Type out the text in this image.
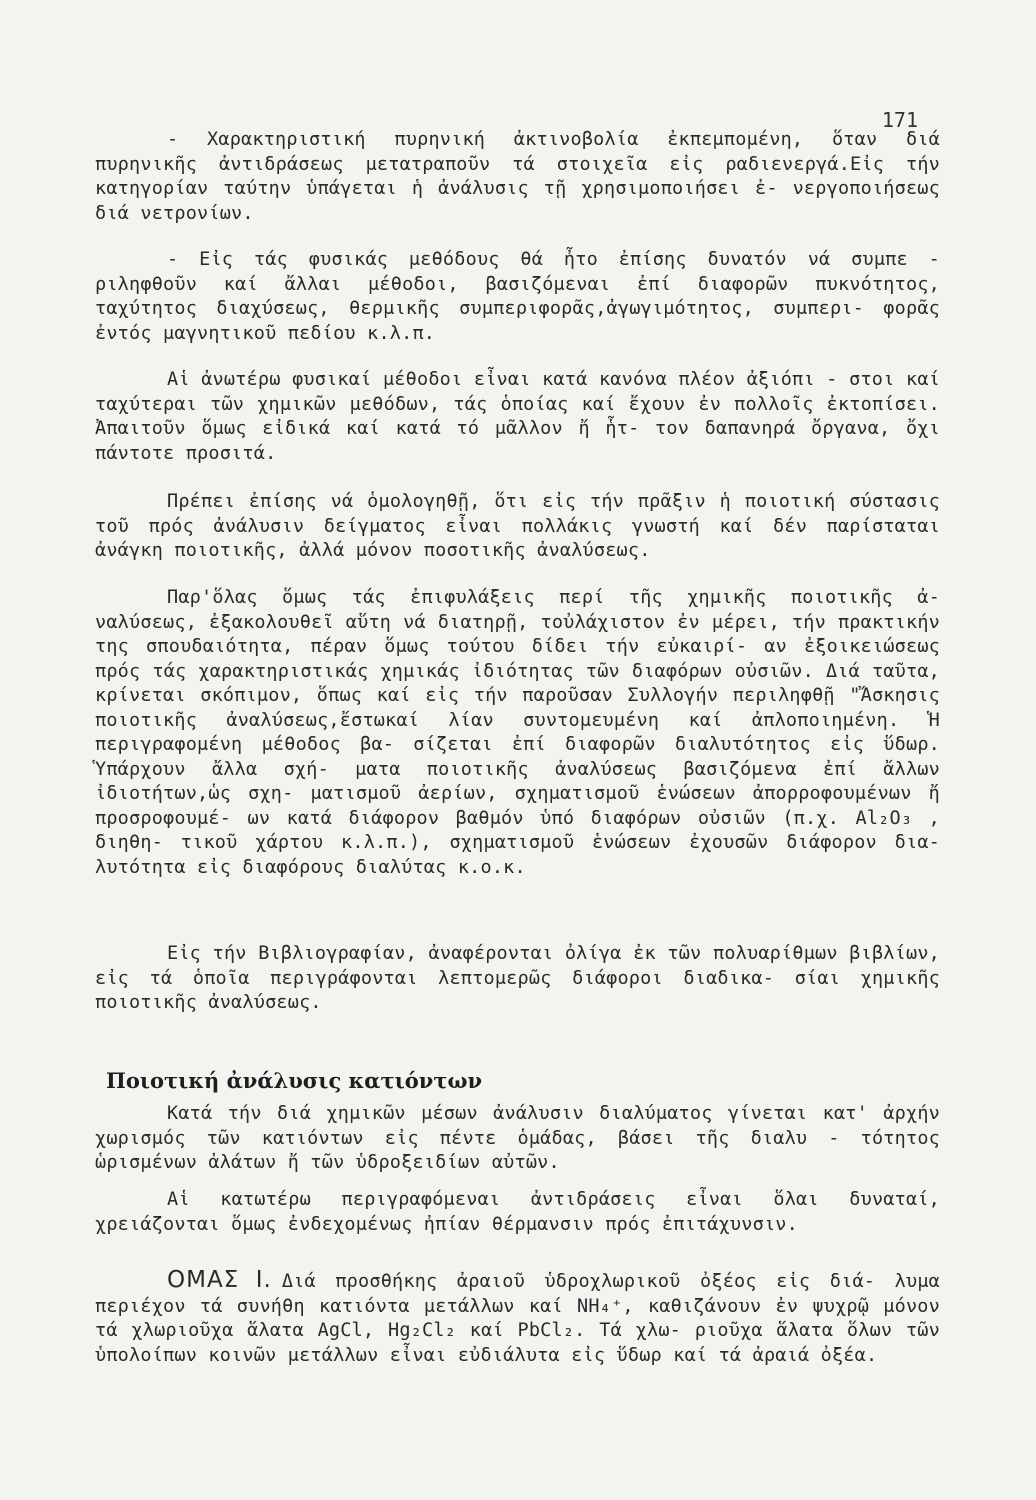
171

- Χαρακτηριστική πυρηνική ἀκτινοβολία ἐκπεμπομένη, ὅταν διά πυρηνικῆς ἀντιδράσεως μετατραποῦν τά στοιχεῖα εἰς ραδιενεργά.Εἰς τήν κατηγορίαν ταύτην ὑπάγεται ἡ ἀνάλυσις τῇ χρησιμοποιήσει ἐ- νεργοποιήσεως διά νετρονίων.

- Εἰς τάς φυσικάς μεθόδους θά ἦτο ἐπίσης δυνατόν νά συμπε - ριληφθοῦν καί ἄλλαι μέθοδοι, βασιζόμεναι ἐπί διαφορῶν πυκνότητος, ταχύτητος διαχύσεως, θερμικῆς συμπεριφορᾶς,ἀγωγιμότητος, συμπερι- φορᾶς ἐντός μαγνητικοῦ πεδίου κ.λ.π.

Αἱ ἀνωτέρω φυσικαί μέθοδοι εἶναι κατά κανόνα πλέον ἀξιόπι - στοι καί ταχύτεραι τῶν χημικῶν μεθόδων, τάς ὁποίας καί ἔχουν ἐν πολλοῖς ἐκτοπίσει. Ἀπαιτοῦν ὅμως εἰδικά καί κατά τό μᾶλλον ἤ ἧτ- τον δαπανηρά ὄργανα, ὄχι πάντοτε προσιτά.

Πρέπει ἐπίσης νά ὁμολογηθῇ, ὅτι εἰς τήν πρᾶξιν ἡ ποιοτική σύστασις τοῦ πρός ἀνάλυσιν δείγματος εἶναι πολλάκις γνωστή καί δέν παρίσταται ἀνάγκη ποιοτικῆς, ἀλλά μόνον ποσοτικῆς ἀναλύσεως.

Παρ'ὅλας ὅμως τάς ἐπιφυλάξεις περί τῆς χημικῆς ποιοτικῆς ἀ- ναλύσεως, ἐξακολουθεῖ αὕτη νά διατηρῇ, τοὐλάχιστον ἐν μέρει, τήν πρακτικήν της σπουδαιότητα, πέραν ὅμως τούτου δίδει τήν εὐκαιρί- αν ἐξοικειώσεως πρός τάς χαρακτηριστικάς χημικάς ἰδιότητας τῶν διαφόρων οὐσιῶν. Διά ταῦτα, κρίνεται σκόπιμον, ὅπως καί εἰς τήν παροῦσαν Συλλογήν περιληφθῇ "Ἄσκησις ποιοτικῆς ἀναλύσεως,ἔστωκαί λίαν συντομευμένη καί ἀπλοποιημένη. Ἡ περιγραφομένη μέθοδος βα- σίζεται ἐπί διαφορῶν διαλυτότητος εἰς ὕδωρ. Ὑπάρχουν ἄλλα σχή- ματα ποιοτικῆς ἀναλύσεως βασιζόμενα ἐπί ἄλλων ἰδιοτήτων,ὡς σχη- ματισμοῦ ἀερίων, σχηματισμοῦ ἑνώσεων ἀπορροφουμένων ἤ προσροφουμέ- ων κατά διάφορον βαθμόν ὑπό διαφόρων οὐσιῶν (π.χ. Al₂O₃ , διηθη- τικοῦ χάρτου κ.λ.π.), σχηματισμοῦ ἑνώσεων ἐχουσῶν διάφορον δια- λυτότητα εἰς διαφόρους διαλύτας κ.ο.κ.

Εἰς τήν Βιβλιογραφίαν, ἀναφέρονται ὀλίγα ἐκ τῶν πολυαρίθμων βιβλίων, εἰς τά ὁποῖα περιγράφονται λεπτομερῶς διάφοροι διαδικα- σίαι χημικῆς ποιοτικῆς ἀναλύσεως.

Ποιοτική ἀνάλυσις κατιόντων

Κατά τήν διά χημικῶν μέσων ἀνάλυσιν διαλύματος γίνεται κατ' ἀρχήν χωρισμός τῶν κατιόντων εἰς πέντε ὁμάδας, βάσει τῆς διαλυ - τότητος ὡρισμένων ἁλάτων ἤ τῶν ὑδροξειδίων αὐτῶν.

Αἱ κατωτέρω περιγραφόμεναι ἀντιδράσεις εἶναι ὅλαι δυναταί, χρειάζονται ὅμως ἐνδεχομένως ἠπίαν θέρμανσιν πρός ἐπιτάχυνσιν.

ΟΜΑΣ Ι. Διά προσθήκης ἀραιοῦ ὑδροχλωρικοῦ ὀξέος εἰς διά- λυμα περιέχον τά συνήθη κατιόντα μετάλλων καί NH₄⁺, καθιζάνουν ἐν ψυχρῷ μόνον τά χλωριοῦχα ἅλατα AgCl, Hg₂Cl₂ καί PbCl₂. Τά χλω- ριοῦχα ἅλατα ὅλων τῶν ὑπολοίπων κοινῶν μετάλλων εἶναι εὐδιάλυτα εἰς ὕδωρ καί τά ἀραιά ὀξέα.
